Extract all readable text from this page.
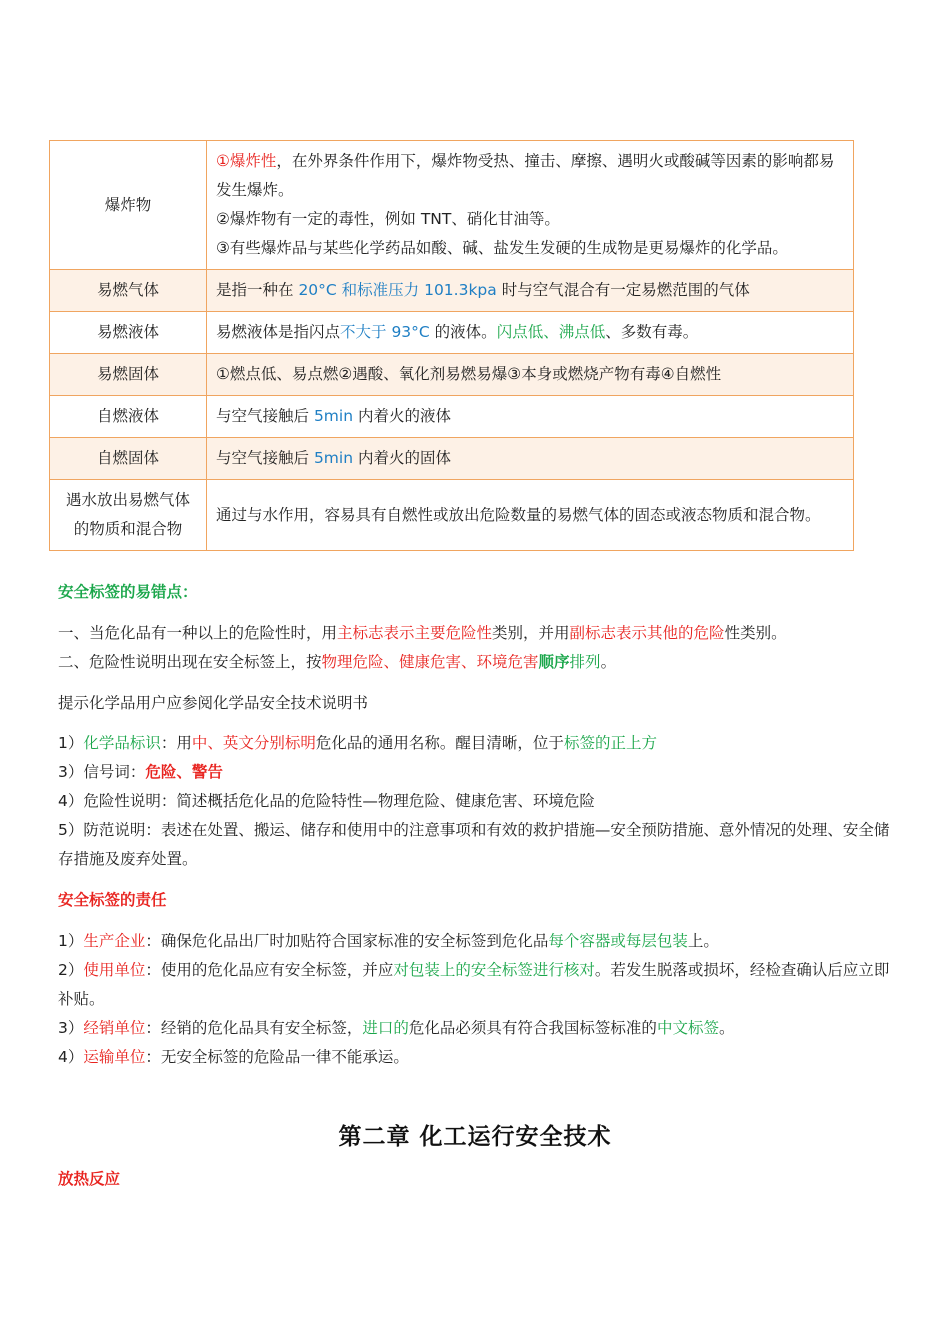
爆炸物	①爆炸性，在外界条件作用下，爆炸物受热、撞击、摩擦、遇明火或酸碱等因素的影响都易发生爆炸。
②爆炸物有一定的毒性，例如 TNT、硝化甘油等。
③有些爆炸品与某些化学药品如酸、碱、盐发生发硬的生成物是更易爆炸的化学品。
易燃气体	是指一种在 20°C 和标准压力 101.3kpa 时与空气混合有一定易燃范围的气体
易燃液体	易燃液体是指闪点不大于 93°C 的液体。闪点低、沸点低、多数有毒。
易燃固体	①燃点低、易点燃②遇酸、氧化剂易燃易爆③本身或燃烧产物有毒④自燃性
自燃液体	与空气接触后 5min 内着火的液体
自燃固体	与空气接触后 5min 内着火的固体
遇水放出易燃气体
的物质和混合物	通过与水作用，容易具有自燃性或放出危险数量的易燃气体的固态或液态物质和混合物。

安全标签的易错点：

一、当危化品有一种以上的危险性时，用主标志表示主要危险性类别，并用副标志表示其他的危险性类别。

二、危险性说明出现在安全标签上，按物理危险、健康危害、环境危害顺序排列。

提示化学品用户应参阅化学品安全技术说明书

1）化学品标识：用中、英文分别标明危化品的通用名称。醒目清晰，位于标签的正上方

3）信号词：危险、警告

4）危险性说明：简述概括危化品的危险特性—物理危险、健康危害、环境危险

5）防范说明：表述在处置、搬运、储存和使用中的注意事项和有效的救护措施—安全预防措施、意外情况的处理、安全储存措施及废弃处置。

安全标签的责任

1）生产企业：确保危化品出厂时加贴符合国家标准的安全标签到危化品每个容器或每层包装上。

2）使用单位：使用的危化品应有安全标签，并应对包装上的安全标签进行核对。若发生脱落或损坏，经检查确认后应立即补贴。

3）经销单位：经销的危化品具有安全标签，进口的危化品必须具有符合我国标签标准的中文标签。

4）运输单位：无安全标签的危险品一律不能承运。

第二章 化工运行安全技术

放热反应
